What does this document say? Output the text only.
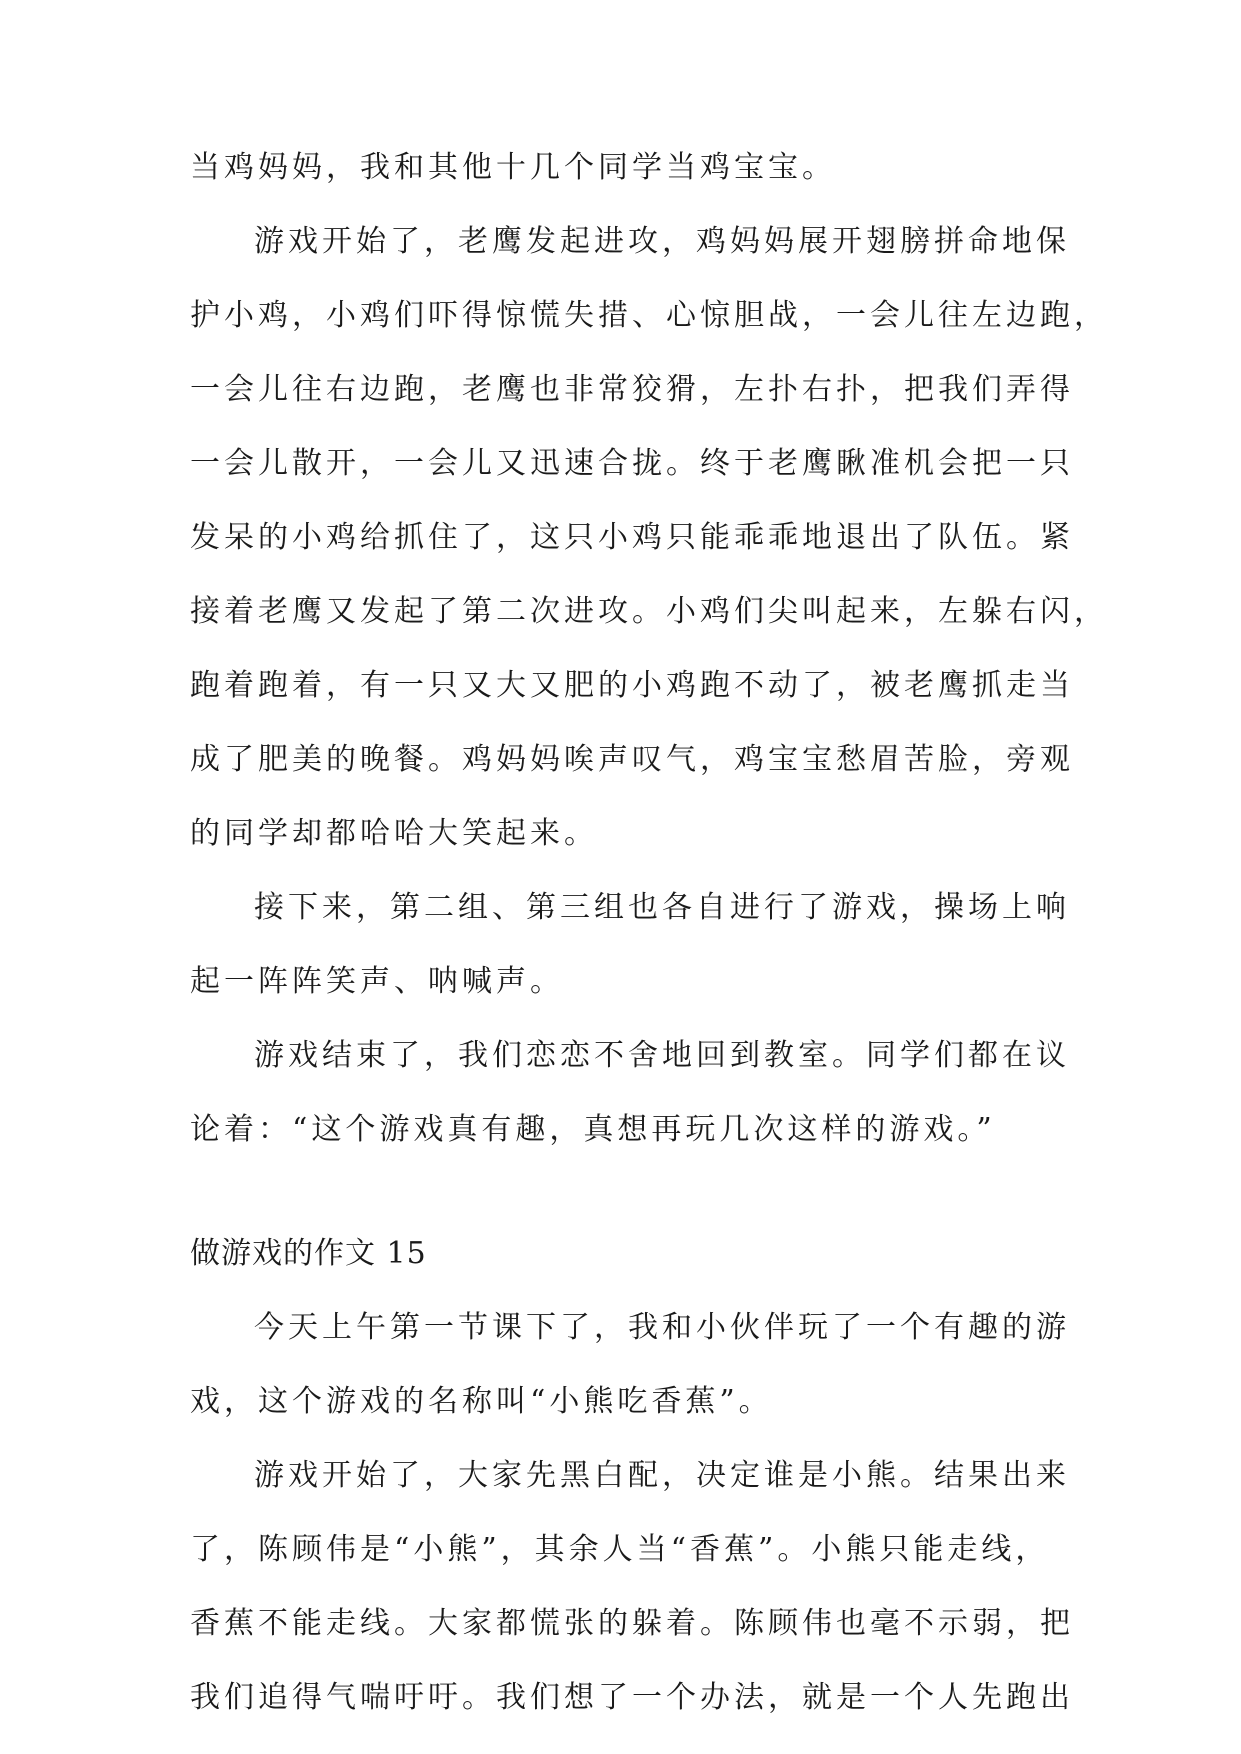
当鸡妈妈，我和其他十几个同学当鸡宝宝。
游戏开始了，老鹰发起进攻，鸡妈妈展开翅膀拼命地保
护小鸡，小鸡们吓得惊慌失措、心惊胆战，一会儿往左边跑，
一会儿往右边跑，老鹰也非常狡猾，左扑右扑，把我们弄得
一会儿散开，一会儿又迅速合拢。终于老鹰瞅准机会把一只
发呆的小鸡给抓住了，这只小鸡只能乖乖地退出了队伍。紧
接着老鹰又发起了第二次进攻。小鸡们尖叫起来，左躲右闪，
跑着跑着，有一只又大又肥的小鸡跑不动了，被老鹰抓走当
成了肥美的晚餐。鸡妈妈唉声叹气，鸡宝宝愁眉苦脸，旁观
的同学却都哈哈大笑起来。
接下来，第二组、第三组也各自进行了游戏，操场上响
起一阵阵笑声、呐喊声。
游戏结束了，我们恋恋不舍地回到教室。同学们都在议
论着：“这个游戏真有趣，真想再玩几次这样的游戏。”
做游戏的作文 15
今天上午第一节课下了，我和小伙伴玩了一个有趣的游
戏，这个游戏的名称叫“小熊吃香蕉”。
游戏开始了，大家先黑白配，决定谁是小熊。结果出来
了，陈顾伟是“小熊”，其余人当“香蕉”。小熊只能走线，
香蕉不能走线。大家都慌张的躲着。陈顾伟也毫不示弱，把
我们追得气喘吁吁。我们想了一个办法，就是一个人先跑出
